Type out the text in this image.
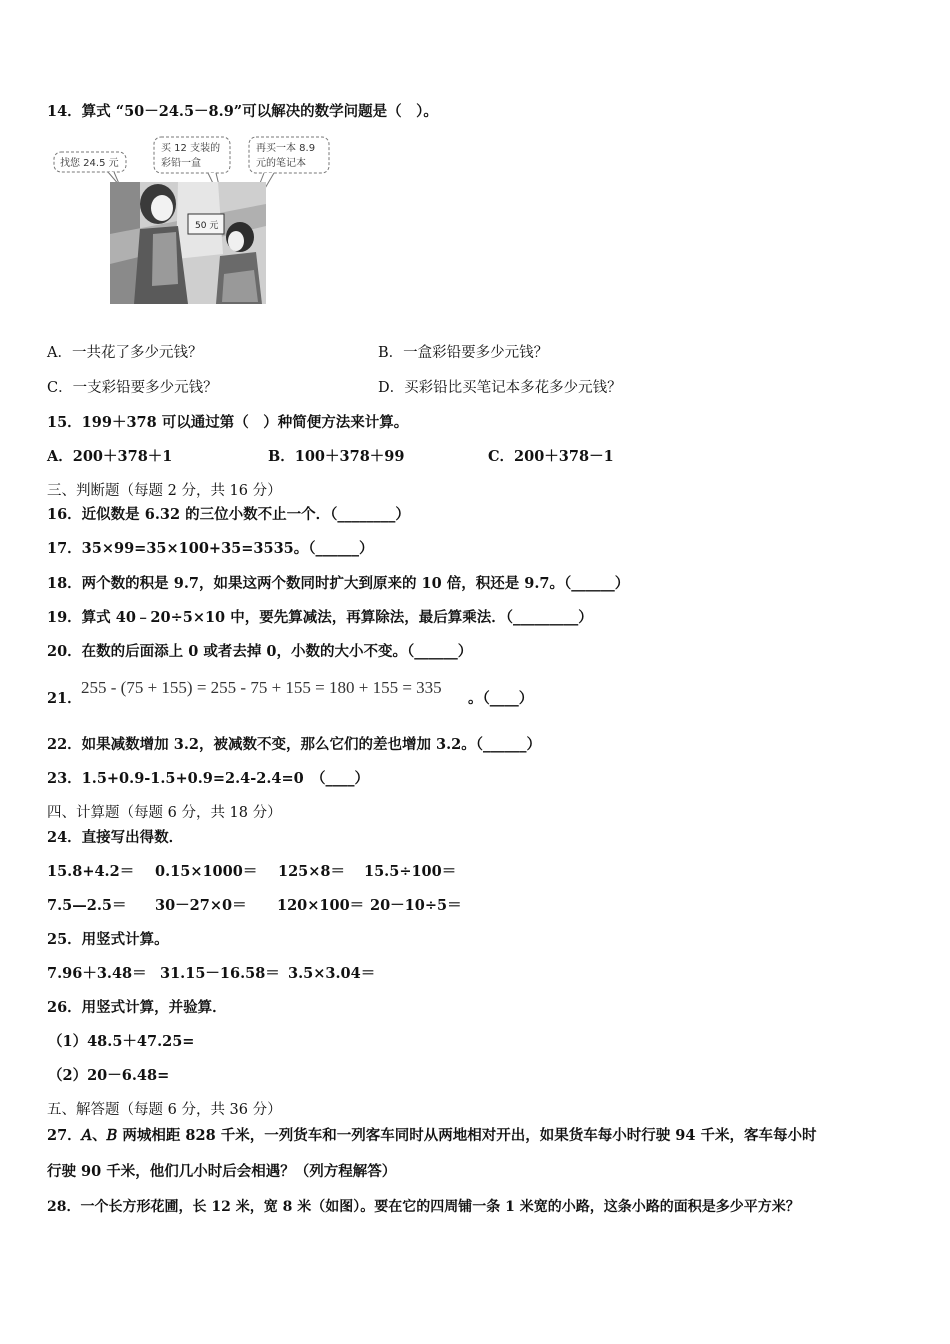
14．算式 “50－24.5－8.9”可以解决的数学问题是（　）。
找您 24.5 元
买 12 支装的
彩铅一盒
再买一本 8.9
元的笔记本
50 元
A．一共花了多少元钱？	B．一盒彩铅要多少元钱？
C．一支彩铅要多少元钱？	D．买彩铅比买笔记本多花多少元钱？
15．199＋378 可以通过第（　）种简便方法来计算。
A．200＋378＋1	B．100＋378＋99	C．200＋378－1
三、判断题（每题 2 分，共 16 分）
16．近似数是 6.32 的三位小数不止一个．（________）
17．35×99=35×100+35=3535。（______）
18．两个数的积是 9.7，如果这两个数同时扩大到原来的 10 倍，积还是 9.7。（______）
19．算式 40﹣20÷5×10 中，要先算减法，再算除法，最后算乘法．（_________）
20．在数的后面添上 0 或者去掉 0，小数的大小不变。（______）
21．
255 - (75 + 155) = 255 - 75 + 155 = 180 + 155 = 335
。（____）
22．如果减数增加 3.2，被减数不变，那么它们的差也增加 3.2。（______）
23．1.5+0.9-1.5+0.9=2.4-2.4=0　（____）
四、计算题（每题 6 分，共 18 分）
24．直接写出得数．
15.8+4.2＝ 0.15×1000＝ 125×8＝ 15.5÷100＝
7.5—2.5＝ 30－27×0＝ 120×100＝ 20－10÷5＝
25．用竖式计算。
7.96＋3.48＝ 31.15－16.58＝ 3.5×3.04＝
26．用竖式计算，并验算．
（1）48.5＋47.25=
（2）20－6.48=
五、解答题（每题 6 分，共 36 分）
27．𝐴、𝐵 两城相距 828 千米，一列货车和一列客车同时从两地相对开出，如果货车每小时行驶 94 千米，客车每小时
行驶 90 千米，他们几小时后会相遇？（列方程解答）
28．一个长方形花圃，长 12 米，宽 8 米（如图）。要在它的四周铺一条 1 米宽的小路，这条小路的面积是多少平方米？
